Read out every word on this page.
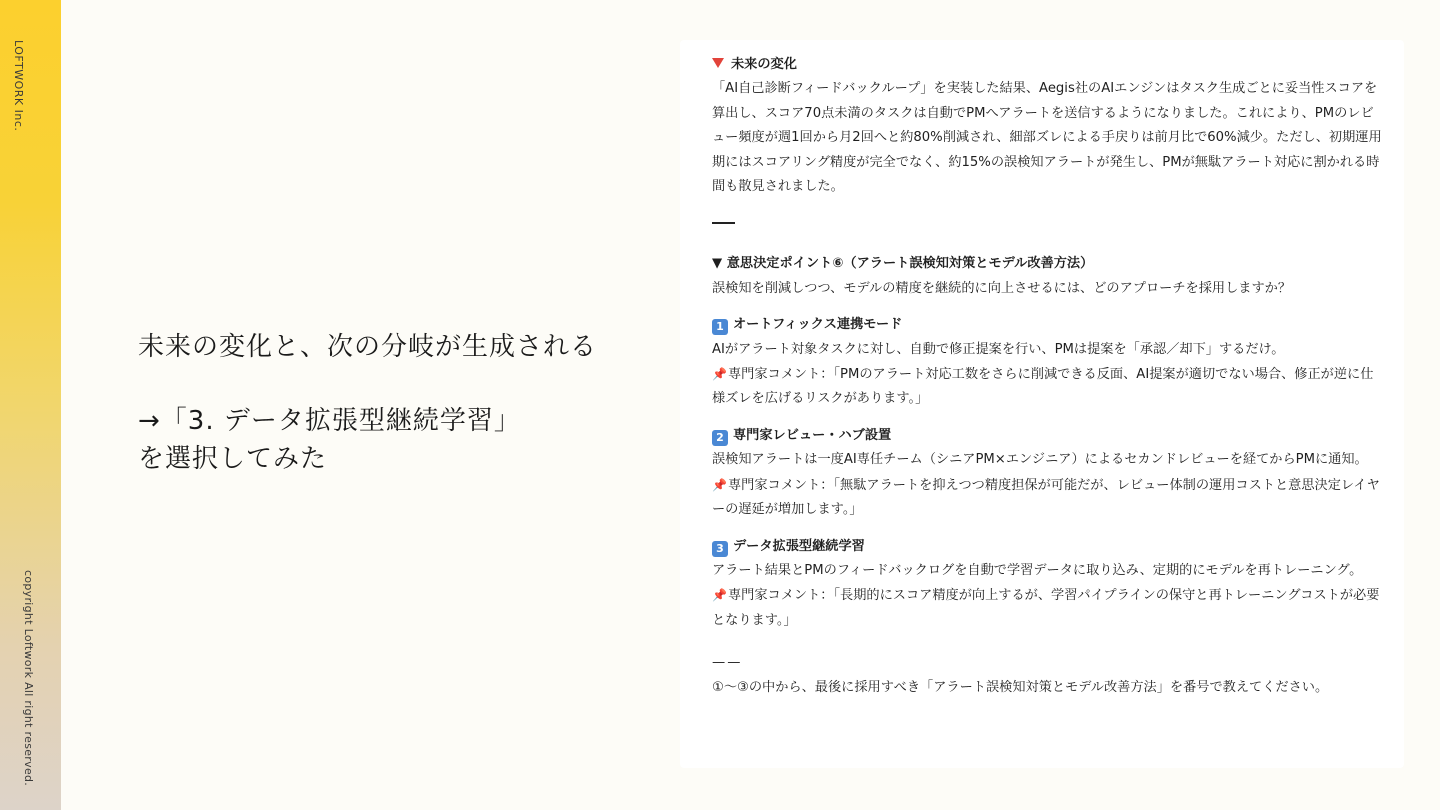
LOFTWORK Inc.
copyright Loftwork All right reserved.
未来の変化と、次の分岐が生成される
→「3. データ拡張型継続学習」
を選択してみた
未来の変化

「AI自己診断フィードバックループ」を実装した結果、Aegis社のAIエンジンはタスク生成ごとに妥当性スコアを算出し、スコア70点未満のタスクは自動でPMへアラートを送信するようになりました。これにより、PMのレビュー頻度が週1回から月2回へと約80%削減され、細部ズレによる手戻りは前月比で60%減少。ただし、初期運用期にはスコアリング精度が完全でなく、約15%の誤検知アラートが発生し、PMが無駄アラート対応に割かれる時間も散見されました。

▼ 意思決定ポイント⑥（アラート誤検知対策とモデル改善方法）

誤検知を削減しつつ、モデルの精度を継続的に向上させるには、どのアプローチを採用しますか？

1 オートフィックス連携モード

AIがアラート対象タスクに対し、自動で修正提案を行い、PMは提案を「承認／却下」するだけ。

📌専門家コメント：「PMのアラート対応工数をさらに削減できる反面、AI提案が適切でない場合、修正が逆に仕様ズレを広げるリスクがあります。」

2 専門家レビュー・ハブ設置

誤検知アラートは一度AI専任チーム（シニアPM×エンジニア）によるセカンドレビューを経てからPMに通知。

📌専門家コメント：「無駄アラートを抑えつつ精度担保が可能だが、レビュー体制の運用コストと意思決定レイヤーの遅延が増加します。」

3 データ拡張型継続学習

アラート結果とPMのフィードバックログを自動で学習データに取り込み、定期的にモデルを再トレーニング。

📌専門家コメント：「長期的にスコア精度が向上するが、学習パイプラインの保守と再トレーニングコストが必要となります。」

——

①〜③の中から、最後に採用すべき「アラート誤検知対策とモデル改善方法」を番号で教えてください。
